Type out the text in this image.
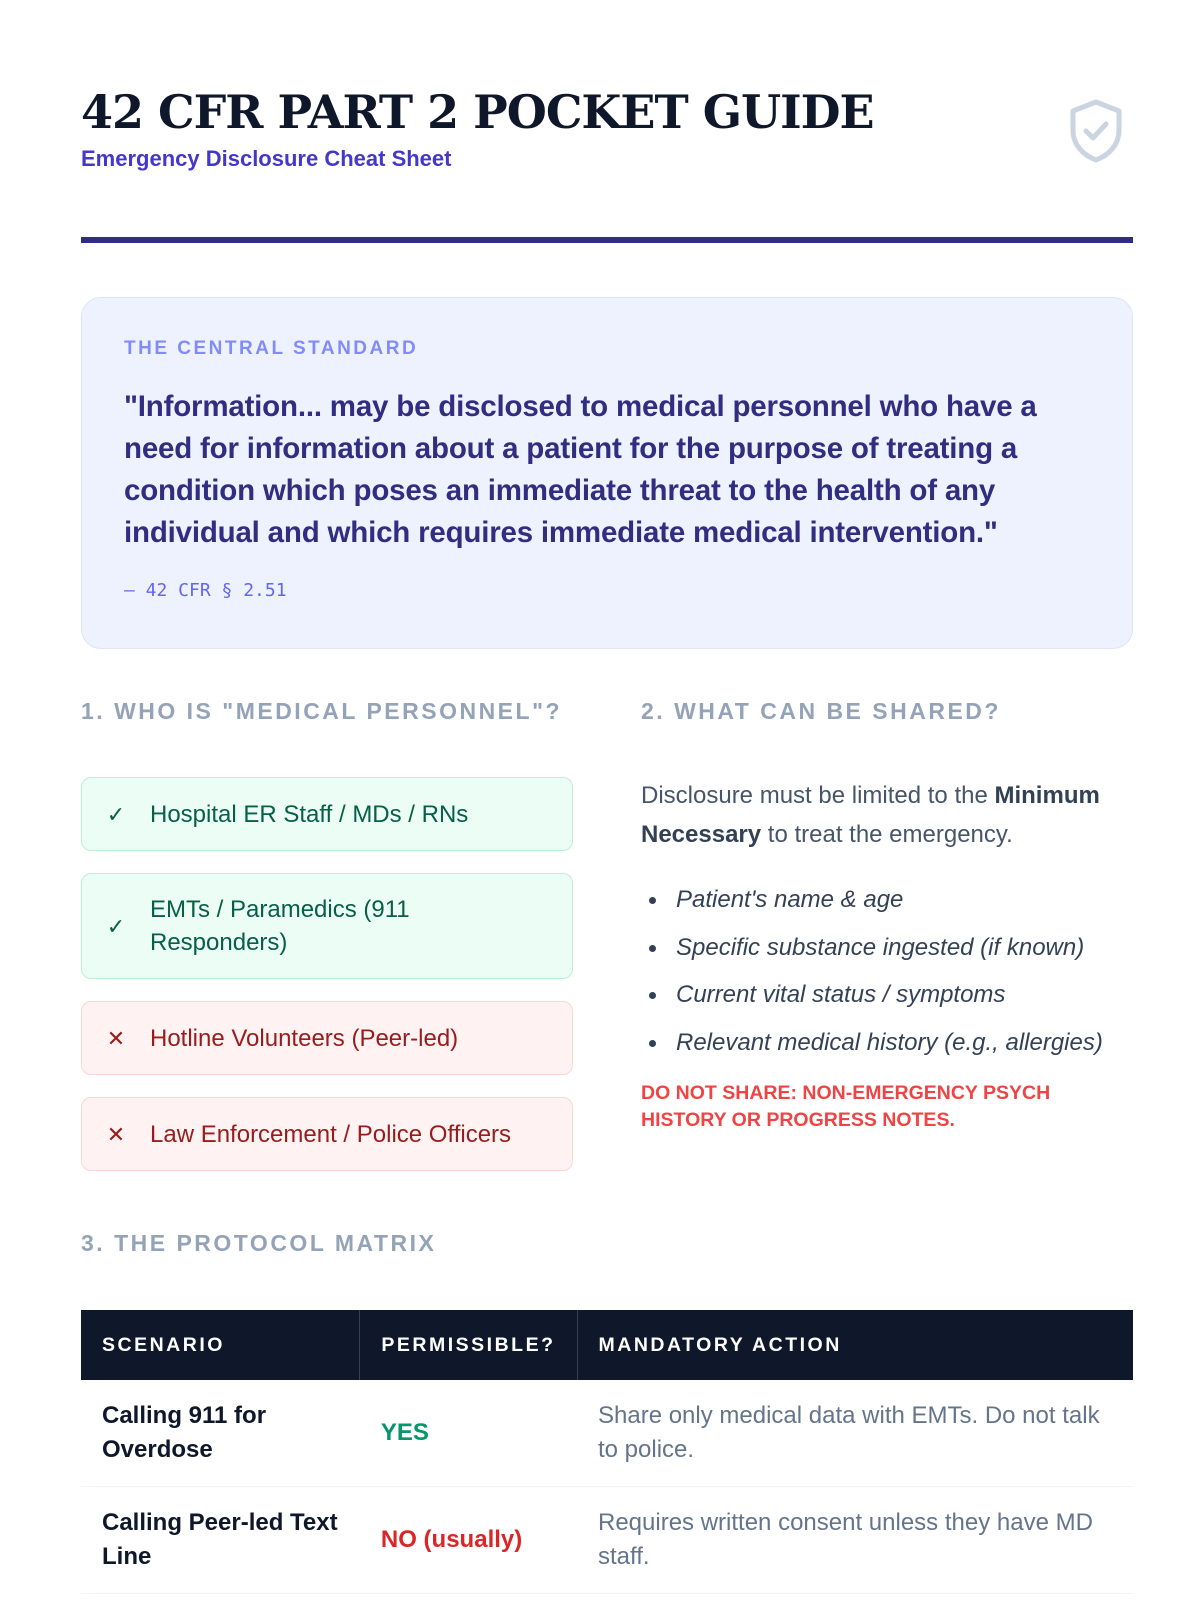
42 CFR PART 2 POCKET GUIDE
Emergency Disclosure Cheat Sheet
THE CENTRAL STANDARD

"Information... may be disclosed to medical personnel who have a need for information about a patient for the purpose of treating a condition which poses an immediate threat to the health of any individual and which requires immediate medical intervention."

— 42 CFR § 2.51
1. WHO IS "MEDICAL PERSONNEL"?
✓ Hospital ER Staff / MDs / RNs
✓
EMTs / Paramedics (911 Responders)
✕ Hotline Volunteers (Peer-led)
✕ Law Enforcement / Police Officers
2. WHAT CAN BE SHARED?

Disclosure must be limited to the Minimum Necessary to treat the emergency.

Patient's name & age
Specific substance ingested (if known)
Current vital status / symptoms
Relevant medical history (e.g., allergies)

DO NOT SHARE: NON-EMERGENCY PSYCH HISTORY OR PROGRESS NOTES.

3. THE PROTOCOL MATRIX
SCENARIO	PERMISSIBLE?	MANDATORY ACTION
Calling 911 for Overdose	YES	Share only medical data with EMTs. Do not talk to police.
Calling Peer-led Text Line	NO (usually)	Requires written consent unless they have MD staff.
